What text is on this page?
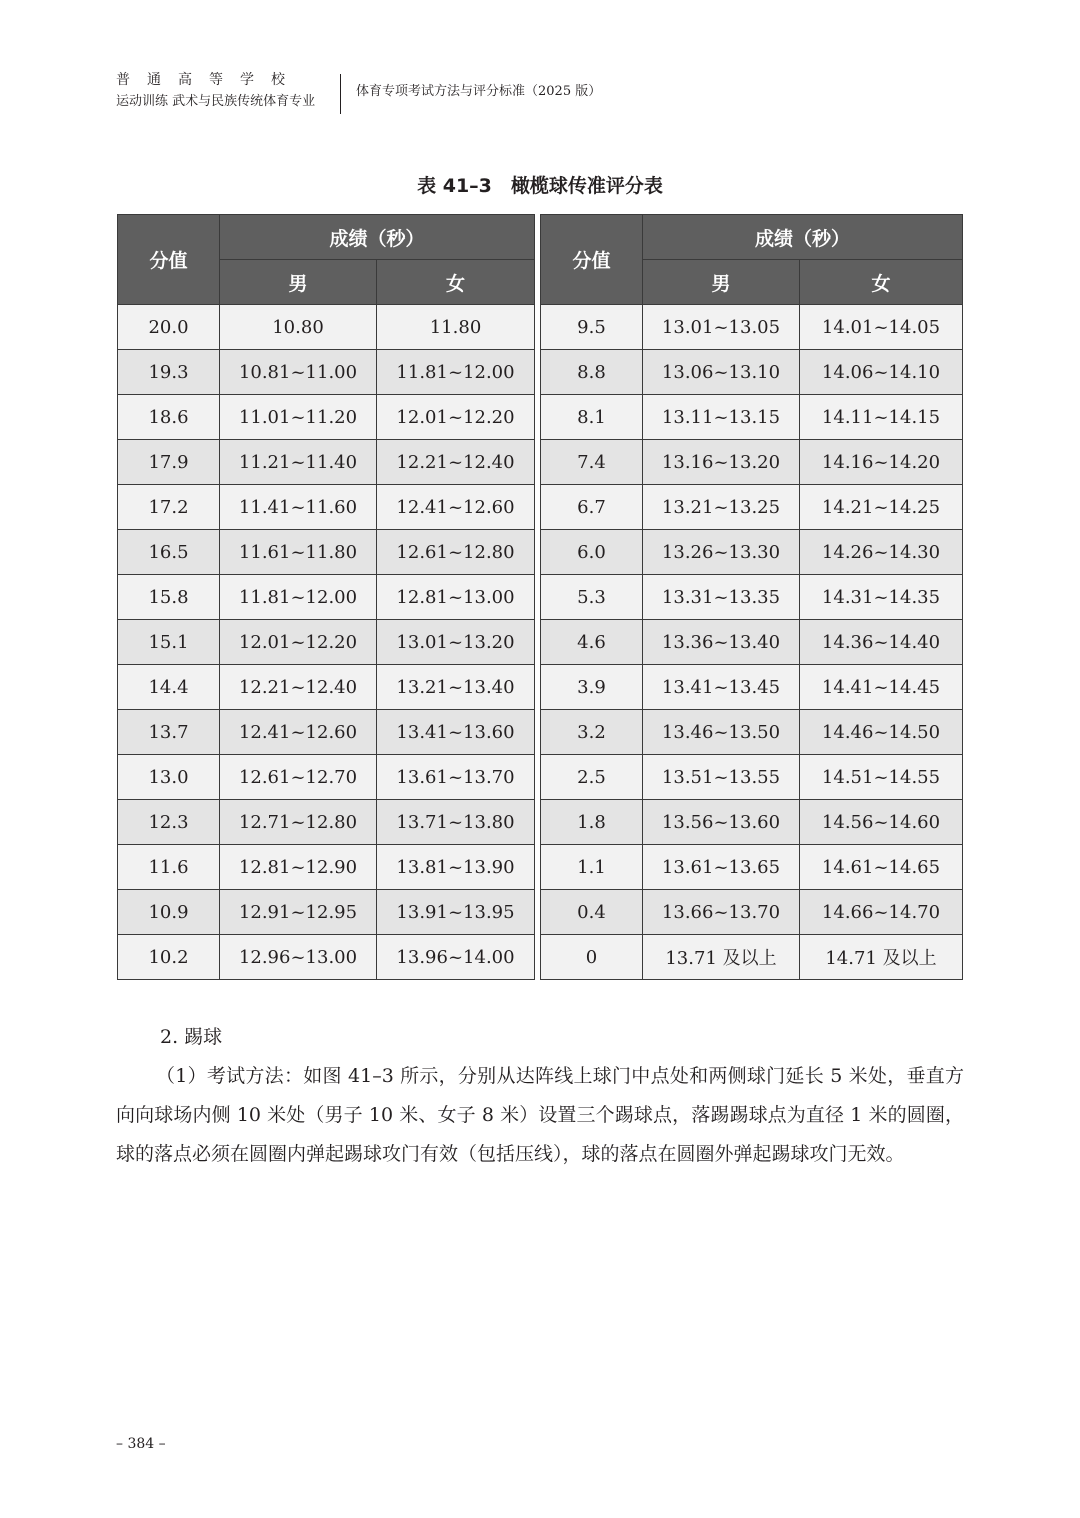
普通高等学校
运动训练 武术与民族传统体育专业
体育专项考试方法与评分标准（2025 版）
表 41–3　橄榄球传准评分表
分值	成绩（秒）	
	男	女
20.0	10.80	11.80
19.3	10.81~11.00	11.81~12.00
18.6	11.01~11.20	12.01~12.20
17.9	11.21~11.40	12.21~12.40
17.2	11.41~11.60	12.41~12.60
16.5	11.61~11.80	12.61~12.80
15.8	11.81~12.00	12.81~13.00
15.1	12.01~12.20	13.01~13.20
14.4	12.21~12.40	13.21~13.40
13.7	12.41~12.60	13.41~13.60
13.0	12.61~12.70	13.61~13.70
12.3	12.71~12.80	13.71~13.80
11.6	12.81~12.90	13.81~13.90
10.9	12.91~12.95	13.91~13.95
10.2	12.96~13.00	13.96~14.00
分值	成绩（秒）	
	男	女
9.5	13.01~13.05	14.01~14.05
8.8	13.06~13.10	14.06~14.10
8.1	13.11~13.15	14.11~14.15
7.4	13.16~13.20	14.16~14.20
6.7	13.21~13.25	14.21~14.25
6.0	13.26~13.30	14.26~14.30
5.3	13.31~13.35	14.31~14.35
4.6	13.36~13.40	14.36~14.40
3.9	13.41~13.45	14.41~14.45
3.2	13.46~13.50	14.46~14.50
2.5	13.51~13.55	14.51~14.55
1.8	13.56~13.60	14.56~14.60
1.1	13.61~13.65	14.61~14.65
0.4	13.66~13.70	14.66~14.70
0	13.71 及以上	14.71 及以上
2. 踢球
（1）考试方法：如图 41–3 所示，分别从达阵线上球门中点处和两侧球门延长 5 米处，垂直方向向球场内侧 10 米处（男子 10 米、女子 8 米）设置三个踢球点，落踢踢球点为直径 1 米的圆圈，球的落点必须在圆圈内弹起踢球攻门有效（包括压线），球的落点在圆圈外弹起踢球攻门无效。
– 384 –
